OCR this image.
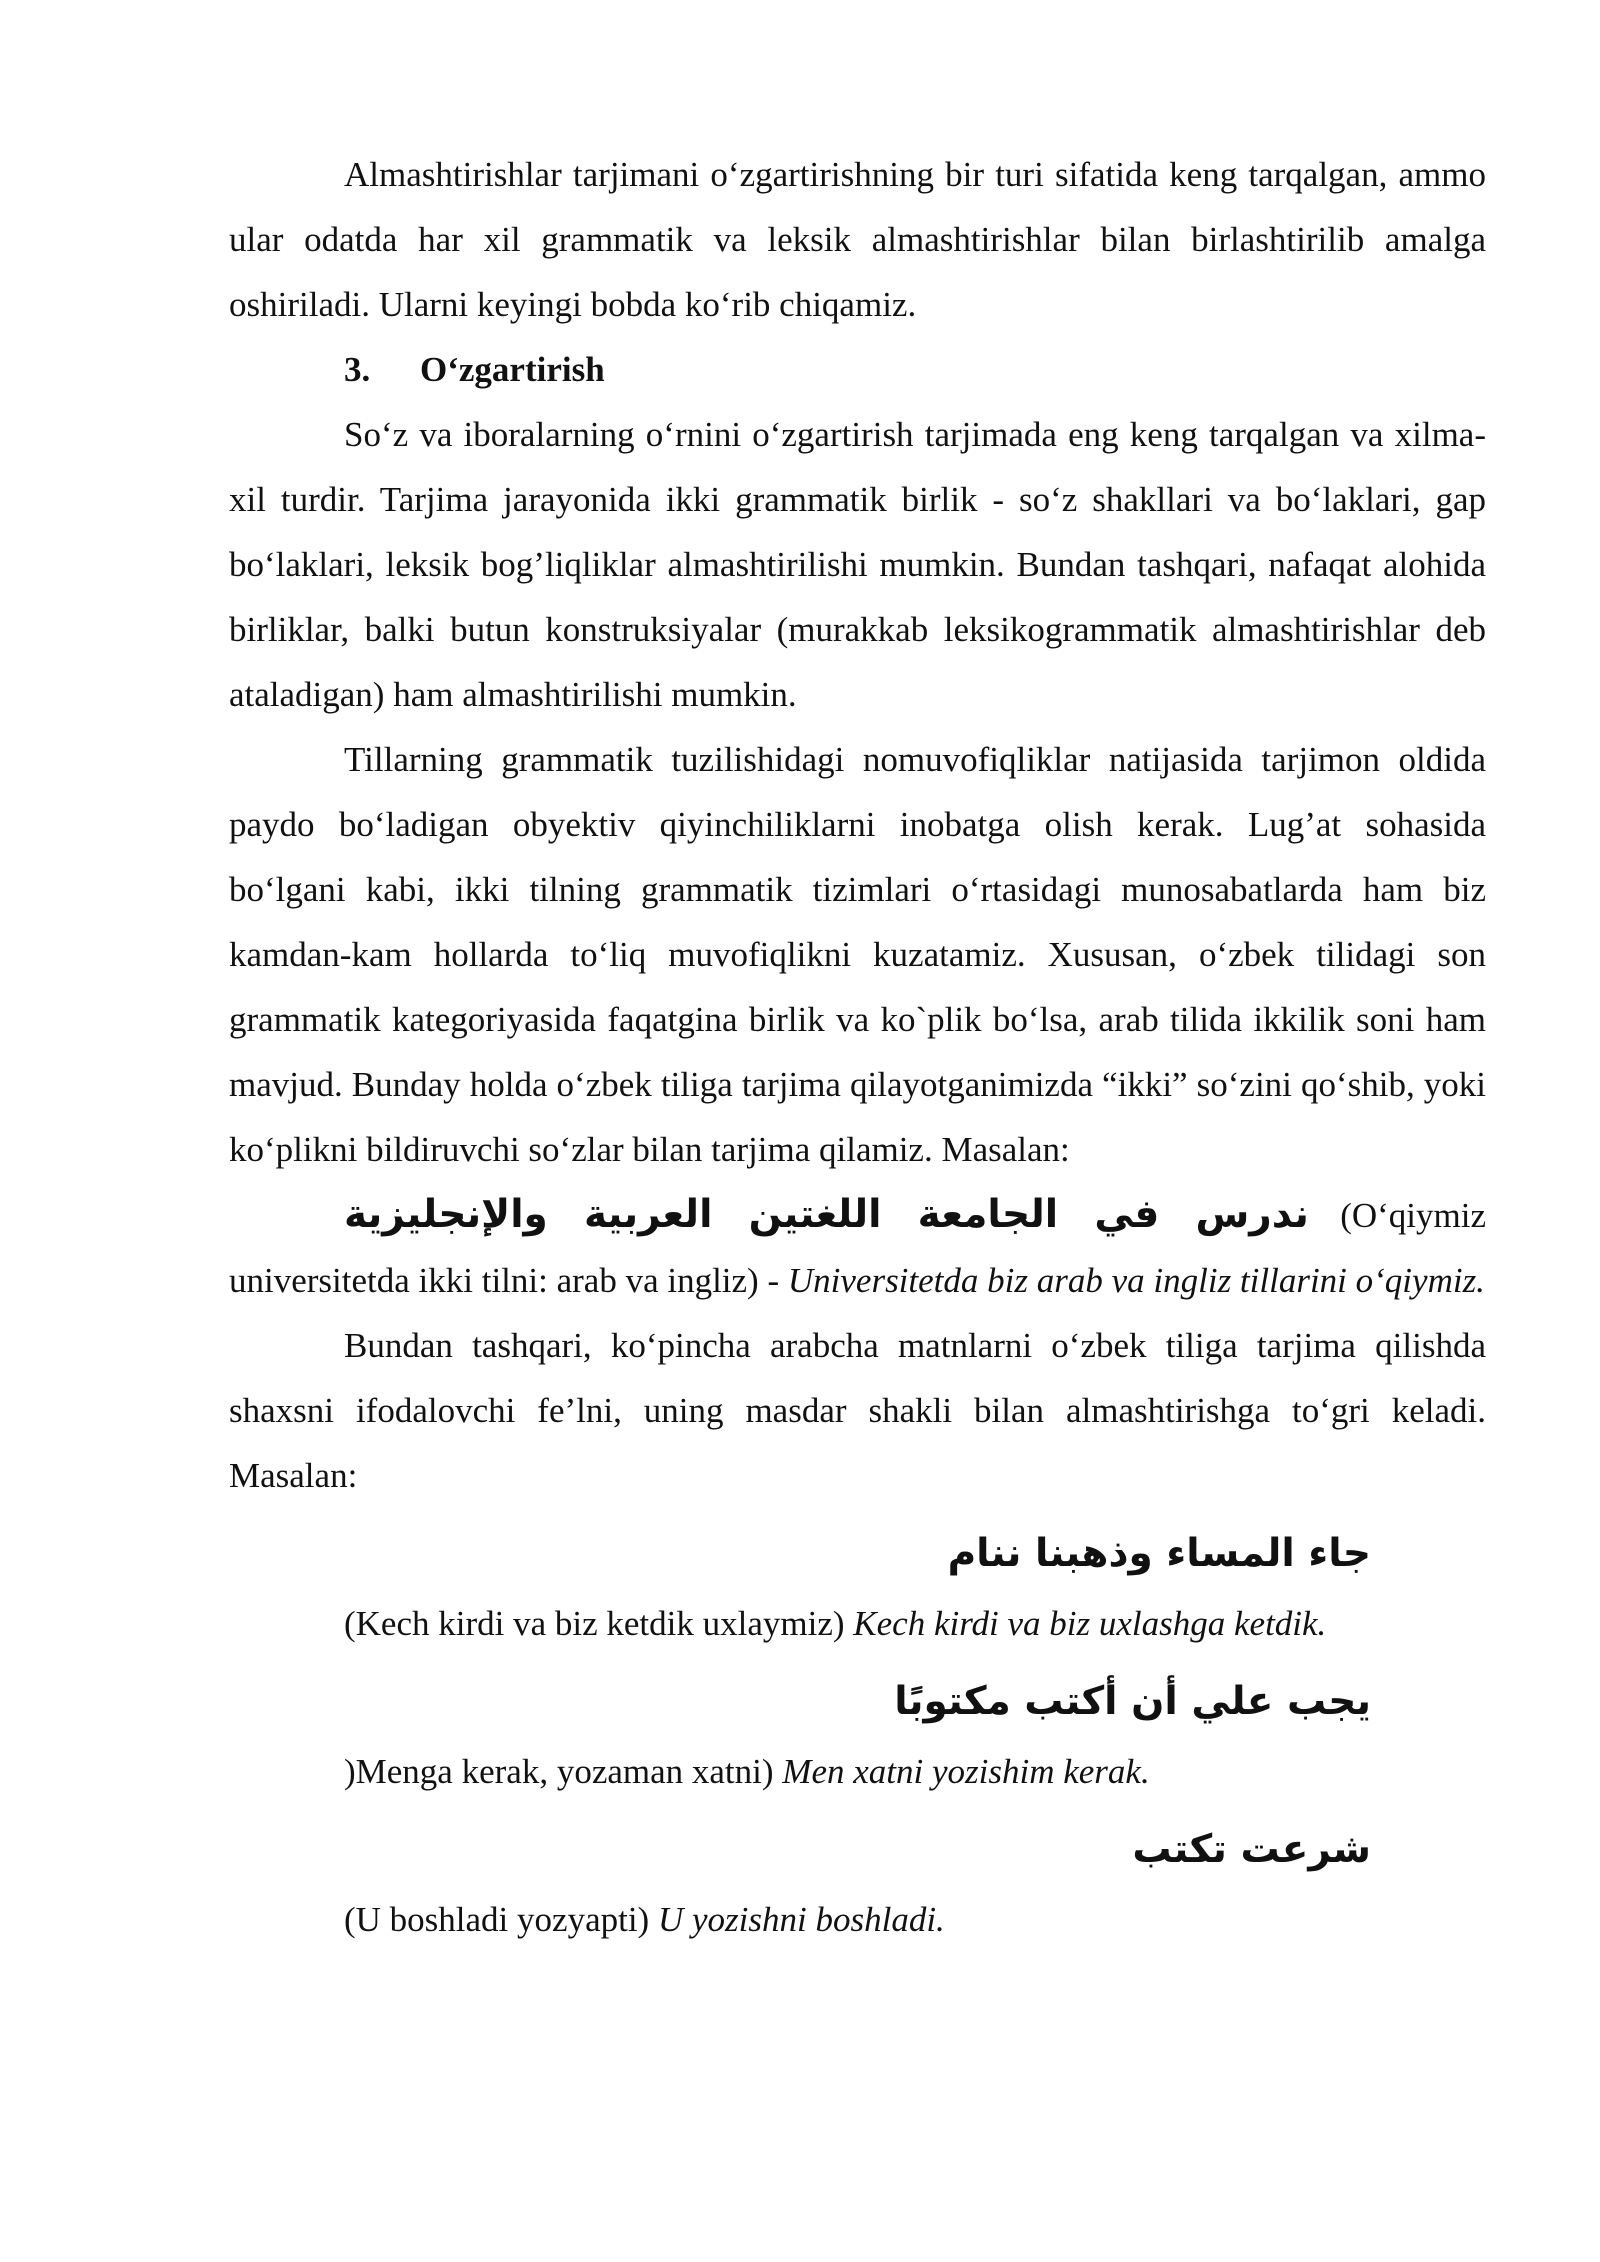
Almashtirishlar tarjimani o‘zgartirishning bir turi sifatida keng tarqalgan, ammo ular odatda har xil grammatik va leksik almashtirishlar bilan birlashtirilib amalga oshiriladi. Ularni keyingi bobda ko‘rib chiqamiz.

3. O‘zgartirish

So‘z va iboralarning o‘rnini o‘zgartirish tarjimada eng keng tarqalgan va xilma-xil turdir. Tarjima jarayonida ikki grammatik birlik - so‘z shakllari va bo‘laklari, gap bo‘laklari, leksik bog’liqliklar almashtirilishi mumkin. Bundan tashqari, nafaqat alohida birliklar, balki butun konstruksiyalar (murakkab leksikogrammatik almashtirishlar deb ataladigan) ham almashtirilishi mumkin.

Tillarning grammatik tuzilishidagi nomuvofiqliklar natijasida tarjimon oldida paydo bo‘ladigan obyektiv qiyinchiliklarni inobatga olish kerak. Lug’at sohasida bo‘lgani kabi, ikki tilning grammatik tizimlari o‘rtasidagi munosabatlarda ham biz kamdan-kam hollarda to‘liq muvofiqlikni kuzatamiz. Xususan, o‘zbek tilidagi son grammatik kategoriyasida faqatgina birlik va ko`plik bo‘lsa, arab tilida ikkilik soni ham mavjud. Bunday holda o‘zbek tiliga tarjima qilayotganimizda “ikki” so‘zini qo‘shib, yoki ko‘plikni bildiruvchi so‘zlar bilan tarjima qilamiz. Masalan:

ندرس في الجامعة اللغتين العربية والإنجليزية (O‘qiymiz universitetda ikki tilni: arab va ingliz) - Universitetda biz arab va ingliz tillarini o‘qiymiz.

Bundan tashqari, ko‘pincha arabcha matnlarni o‘zbek tiliga tarjima qilishda shaxsni ifodalovchi fe’lni, uning masdar shakli bilan almashtirishga to‘gri keladi. Masalan:

جاء المساء وذهبنا ننام

(Kech kirdi va biz ketdik uxlaymiz) Kech kirdi va biz uxlashga ketdik.

يجب علي أن أكتب مكتوبًا

)Menga kerak, yozaman xatni) Men xatni yozishim kerak.

شرعت تكتب

(U boshladi yozyapti) U yozishni boshladi.
